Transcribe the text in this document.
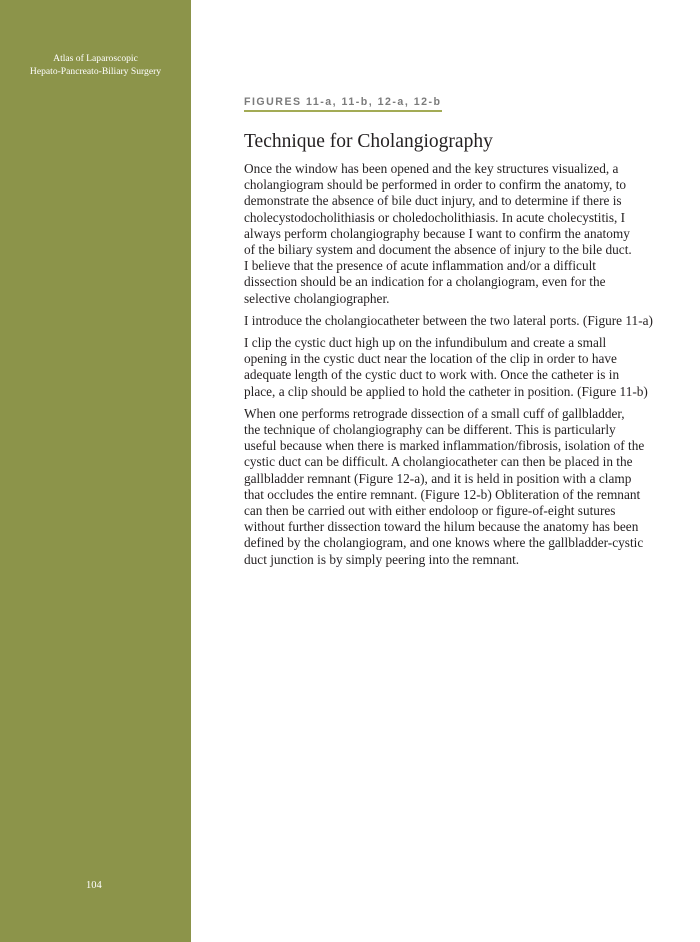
Atlas of Laparoscopic
Hepato-Pancreato-Biliary Surgery
104
FIGURES 11-a, 11-b, 12-a, 12-b
Technique for Cholangiography

Once the window has been opened and the key structures visualized, a
cholangiogram should be performed in order to confirm the anatomy, to
demonstrate the absence of bile duct injury, and to determine if there is
cholecystodocholithiasis or choledocholithiasis. In acute cholecystitis, I
always perform cholangiography because I want to confirm the anatomy
of the biliary system and document the absence of injury to the bile duct.
I believe that the presence of acute inflammation and/or a difficult
dissection should be an indication for a cholangiogram, even for the
selective cholangiographer.

I introduce the cholangiocatheter between the two lateral ports. (Figure 11-a)

I clip the cystic duct high up on the infundibulum and create a small
opening in the cystic duct near the location of the clip in order to have
adequate length of the cystic duct to work with. Once the catheter is in
place, a clip should be applied to hold the catheter in position. (Figure 11-b)

When one performs retrograde dissection of a small cuff of gallbladder,
the technique of cholangiography can be different. This is particularly
useful because when there is marked inflammation/fibrosis, isolation of the
cystic duct can be difficult. A cholangiocatheter can then be placed in the
gallbladder remnant (Figure 12-a), and it is held in position with a clamp
that occludes the entire remnant. (Figure 12-b) Obliteration of the remnant
can then be carried out with either endoloop or figure-of-eight sutures
without further dissection toward the hilum because the anatomy has been
defined by the cholangiogram, and one knows where the gallbladder-cystic
duct junction is by simply peering into the remnant.
